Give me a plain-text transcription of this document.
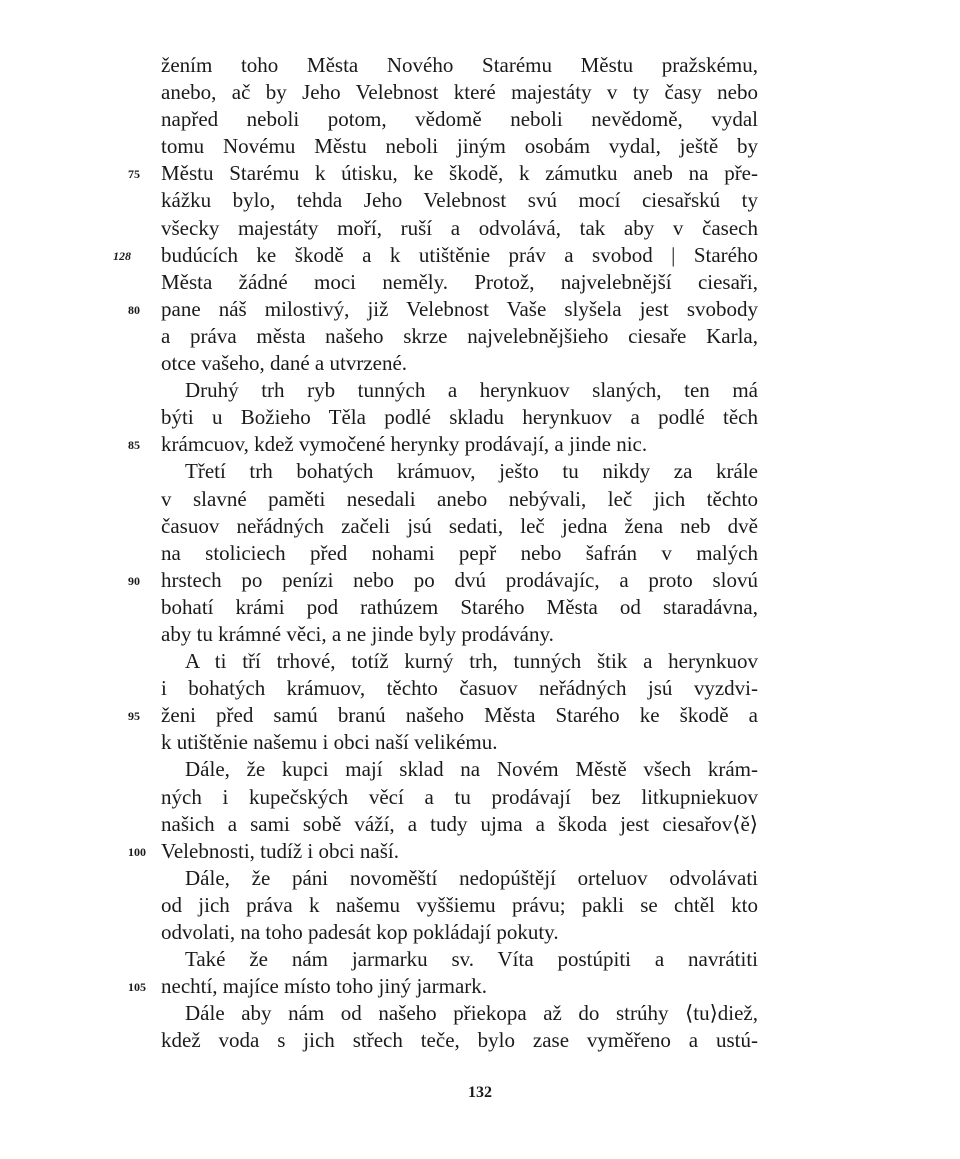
žením toho Města Nového Starému Městu pražskému,
anebo, ač by Jeho Velebnost které majestáty v ty časy nebo
napřed neboli potom, vědomě neboli nevědomě, vydal
tomu Novému Městu neboli jiným osobám vydal, ještě by
75	Městu Starému k útisku, ke škodě, k zámutku aneb na pře-
kážku bylo, tehda Jeho Velebnost svú mocí ciesařskú ty
všecky majestáty moří, ruší a odvolává, tak aby v časech
128 budúcích ke škodě a k utištěnie práv a svobod | Starého
Města žádné moci neměly. Protož, najvelebnější ciesaři,
80	pane náš milostivý, již Velebnost Vaše slyšela jest svobody
a práva města našeho skrze najvelebnějšieho ciesaře Karla,
otce vašeho, dané a utvrzené.
Druhý trh ryb tunných a herynkuov slaných, ten má
býti u Božieho Těla podlé skladu herynkuov a podlé těch
85	krámcuov, kdež vymočené herynky prodávají, a jinde nic.
Třetí trh bohatých krámuov, ješto tu nikdy za krále
v slavné paměti nesedali anebo nebývali, leč jich těchto
časuov neřádných začeli jsú sedati, leč jedna žena neb dvě
na stoliciech před nohami pepř nebo šafrán v malých
90	hrstech po penízi nebo po dvú prodávajíc, a proto slovú
bohatí krámi pod rathúzem Starého Města od staradávna,
aby tu krámné věci, a ne jinde byly prodávány.
A ti tří trhové, totíž kurný trh, tunných štik a herynkuov
i bohatých krámuov, těchto časuov neřádných jsú vyzdvi-
95	ženi před samú branú našeho Města Starého ke škodě a
k utištěnie našemu i obci naší velikému.
Dále, že kupci mají sklad na Novém Městě všech krám-
ných i kupečských věcí a tu prodávají bez litkupniekuov
našich a sami sobě váží, a tudy ujma a škoda jest ciesařov⟨ě⟩
100 Velebnosti, tudíž i obci naší.
Dále, že páni novoměští nedopúštějí orteluov odvolávati
od jich práva k našemu vyššiemu právu; pakli se chtěl kto
odvolati, na toho padesát kop pokládají pokuty.
Také že nám jarmarku sv. Víta postúpiti a navrátiti
105 nechtí, majíce místo toho jiný jarmark.
Dále aby nám od našeho přiekopa až do strúhy ⟨tu⟩diež,
kdež voda s jich střech teče, bylo zase vyměřeno a ustú-
132
